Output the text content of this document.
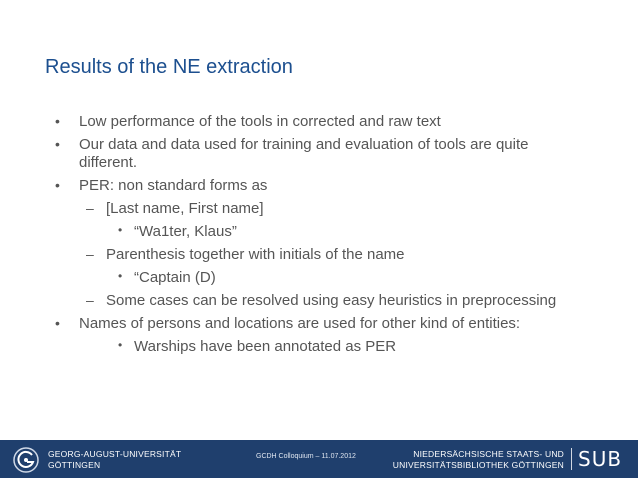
Results of the NE extraction
• Low performance of the tools in corrected and raw text
• Our data and data used for training and evaluation of tools are quite
different.
• PER: non standard forms as
– [Last name, First name]
• “Wa1ter, Klaus”
– Parenthesis together with initials of the name
• “Captain (D)
– Some cases can be resolved using easy heuristics in preprocessing
• Names of persons and locations are used for other kind of entities:
• Warships have been annotated as PER
GEORG-AUGUST-UNIVERSITÄT
GÖTTINGEN
GCDH Colloquium – 11.07.2012	NIEDERSÄCHSISCHE STAATS- UND
UNIVERSITÄTSBIBLIOTHEK GÖTTINGEN SUB
